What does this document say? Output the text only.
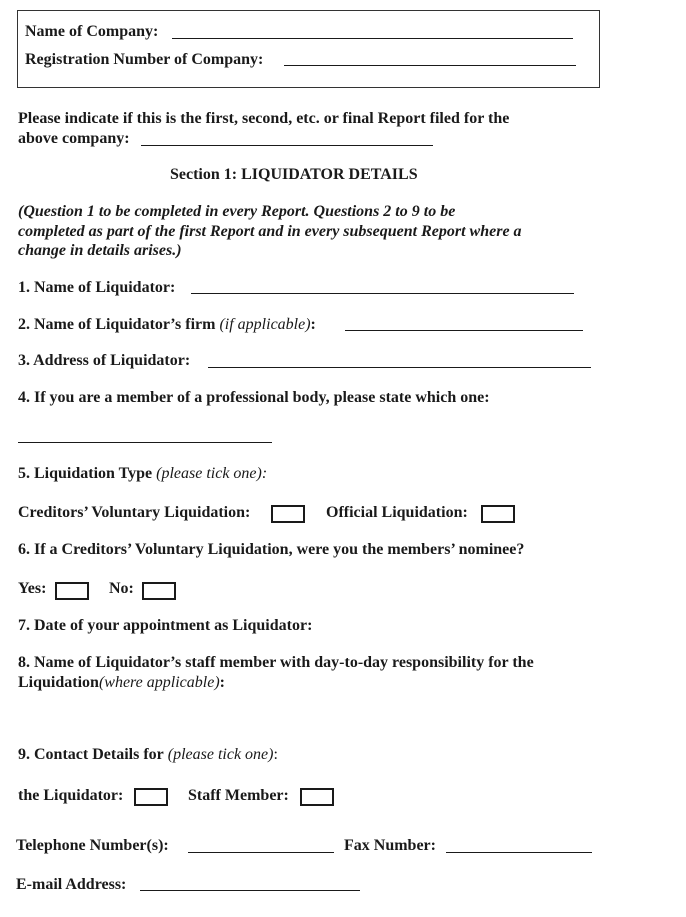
Name of Company:
Registration Number of Company:
Please indicate if this is the first, second, etc. or final Report filed for the
above company:
Section 1: LIQUIDATOR DETAILS
(Question 1 to be completed in every Report. Questions 2 to 9 to be
completed as part of the first Report and in every subsequent Report where a
change in details arises.)
1. Name of Liquidator:
2. Name of Liquidator’s firm (if applicable):
3. Address of Liquidator:
4. If you are a member of a professional body, please state which one:
5. Liquidation Type (please tick one):
Creditors’ Voluntary Liquidation:	Official Liquidation:
6. If a Creditors’ Voluntary Liquidation, were you the members’ nominee?
Yes:	No:
7. Date of your appointment as Liquidator:
8. Name of Liquidator’s staff member with day-to-day responsibility for the
Liquidation(where applicable):
9. Contact Details for (please tick one):
the Liquidator:	Staff Member:
Telephone Number(s):	Fax Number:
E-mail Address:
